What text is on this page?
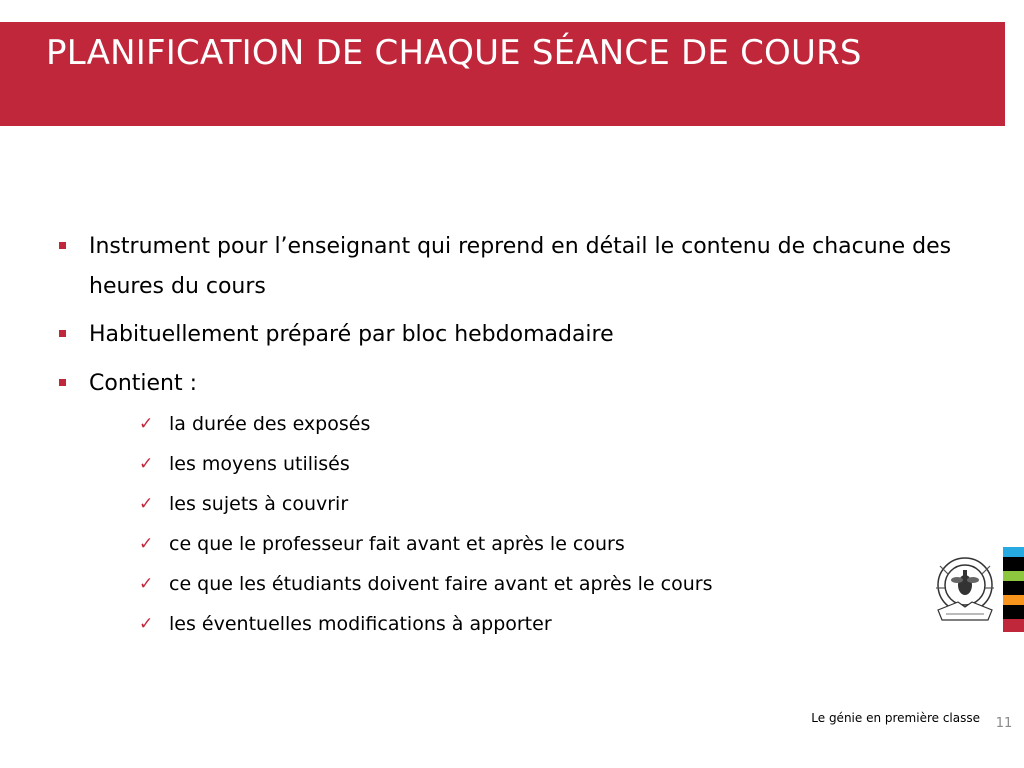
PLANIFICATION DE CHAQUE SÉANCE DE COURS
Instrument pour l’enseignant qui reprend en détail le contenu de chacune des heures du cours
Habituellement préparé par bloc hebdomadaire
Contient :
✓ la durée des exposés
✓ les moyens utilisés
✓ les sujets à couvrir
✓ ce que le professeur fait avant et après le cours
✓ ce que les étudiants doivent faire avant et après le cours
✓ les éventuelles modifications à apporter
Le génie en première classe 11
